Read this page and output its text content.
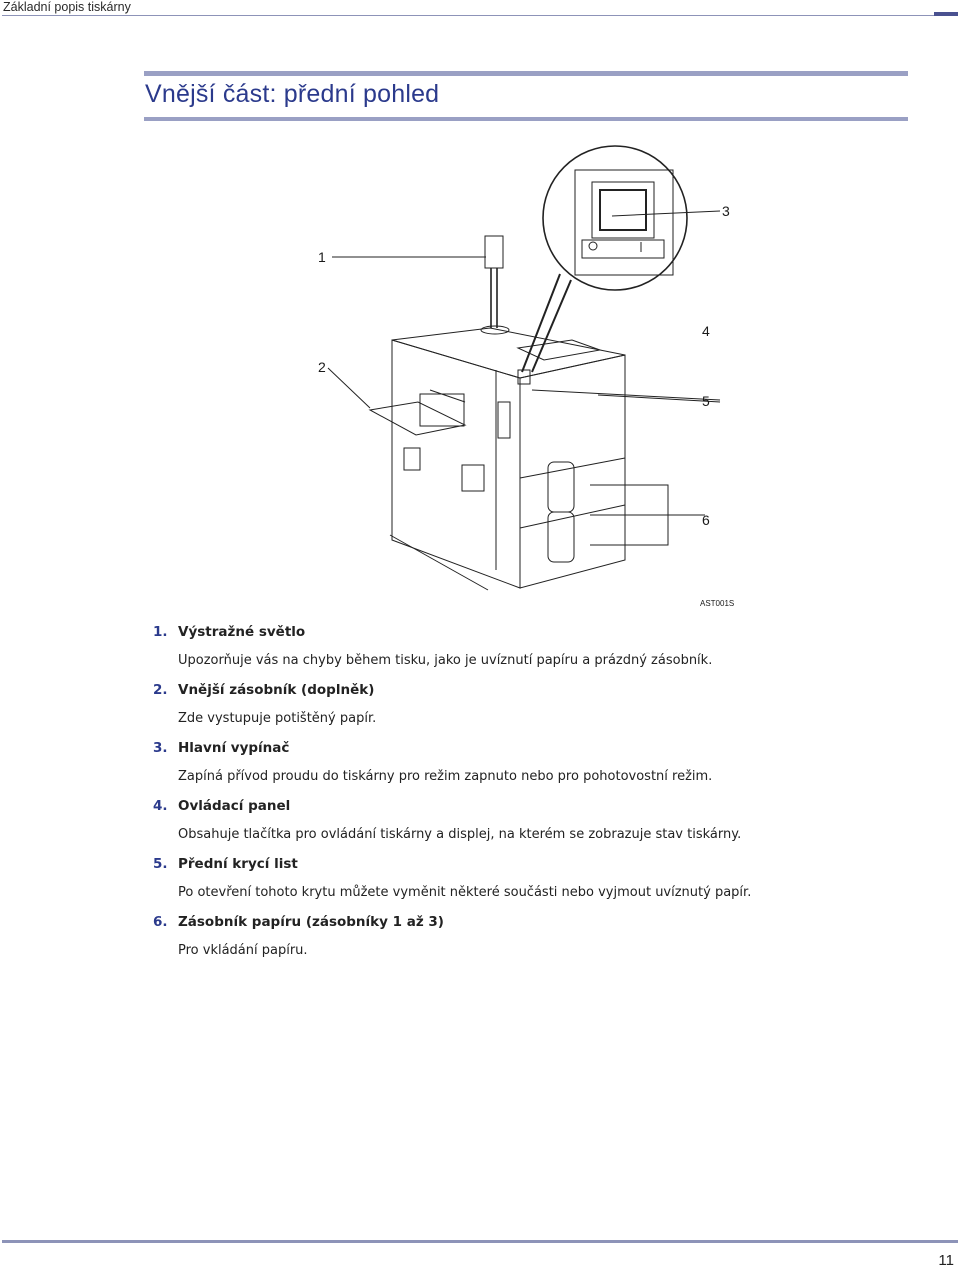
Základní popis tiskárny
Vnější část: přední pohled
1
2
3
4
5
6
AST001S
1. Výstražné světlo
Upozorňuje vás na chyby během tisku, jako je uvíznutí papíru a prázdný zásobník.
2. Vnější zásobník (doplněk)
Zde vystupuje potištěný papír.
3. Hlavní vypínač
Zapíná přívod proudu do tiskárny pro režim zapnuto nebo pro pohotovostní režim.
4. Ovládací panel
Obsahuje tlačítka pro ovládání tiskárny a displej, na kterém se zobrazuje stav tiskárny.
5. Přední krycí list
Po otevření tohoto krytu můžete vyměnit některé součásti nebo vyjmout uvíznutý papír.
6. Zásobník papíru (zásobníky 1 až 3)
Pro vkládání papíru.
11
